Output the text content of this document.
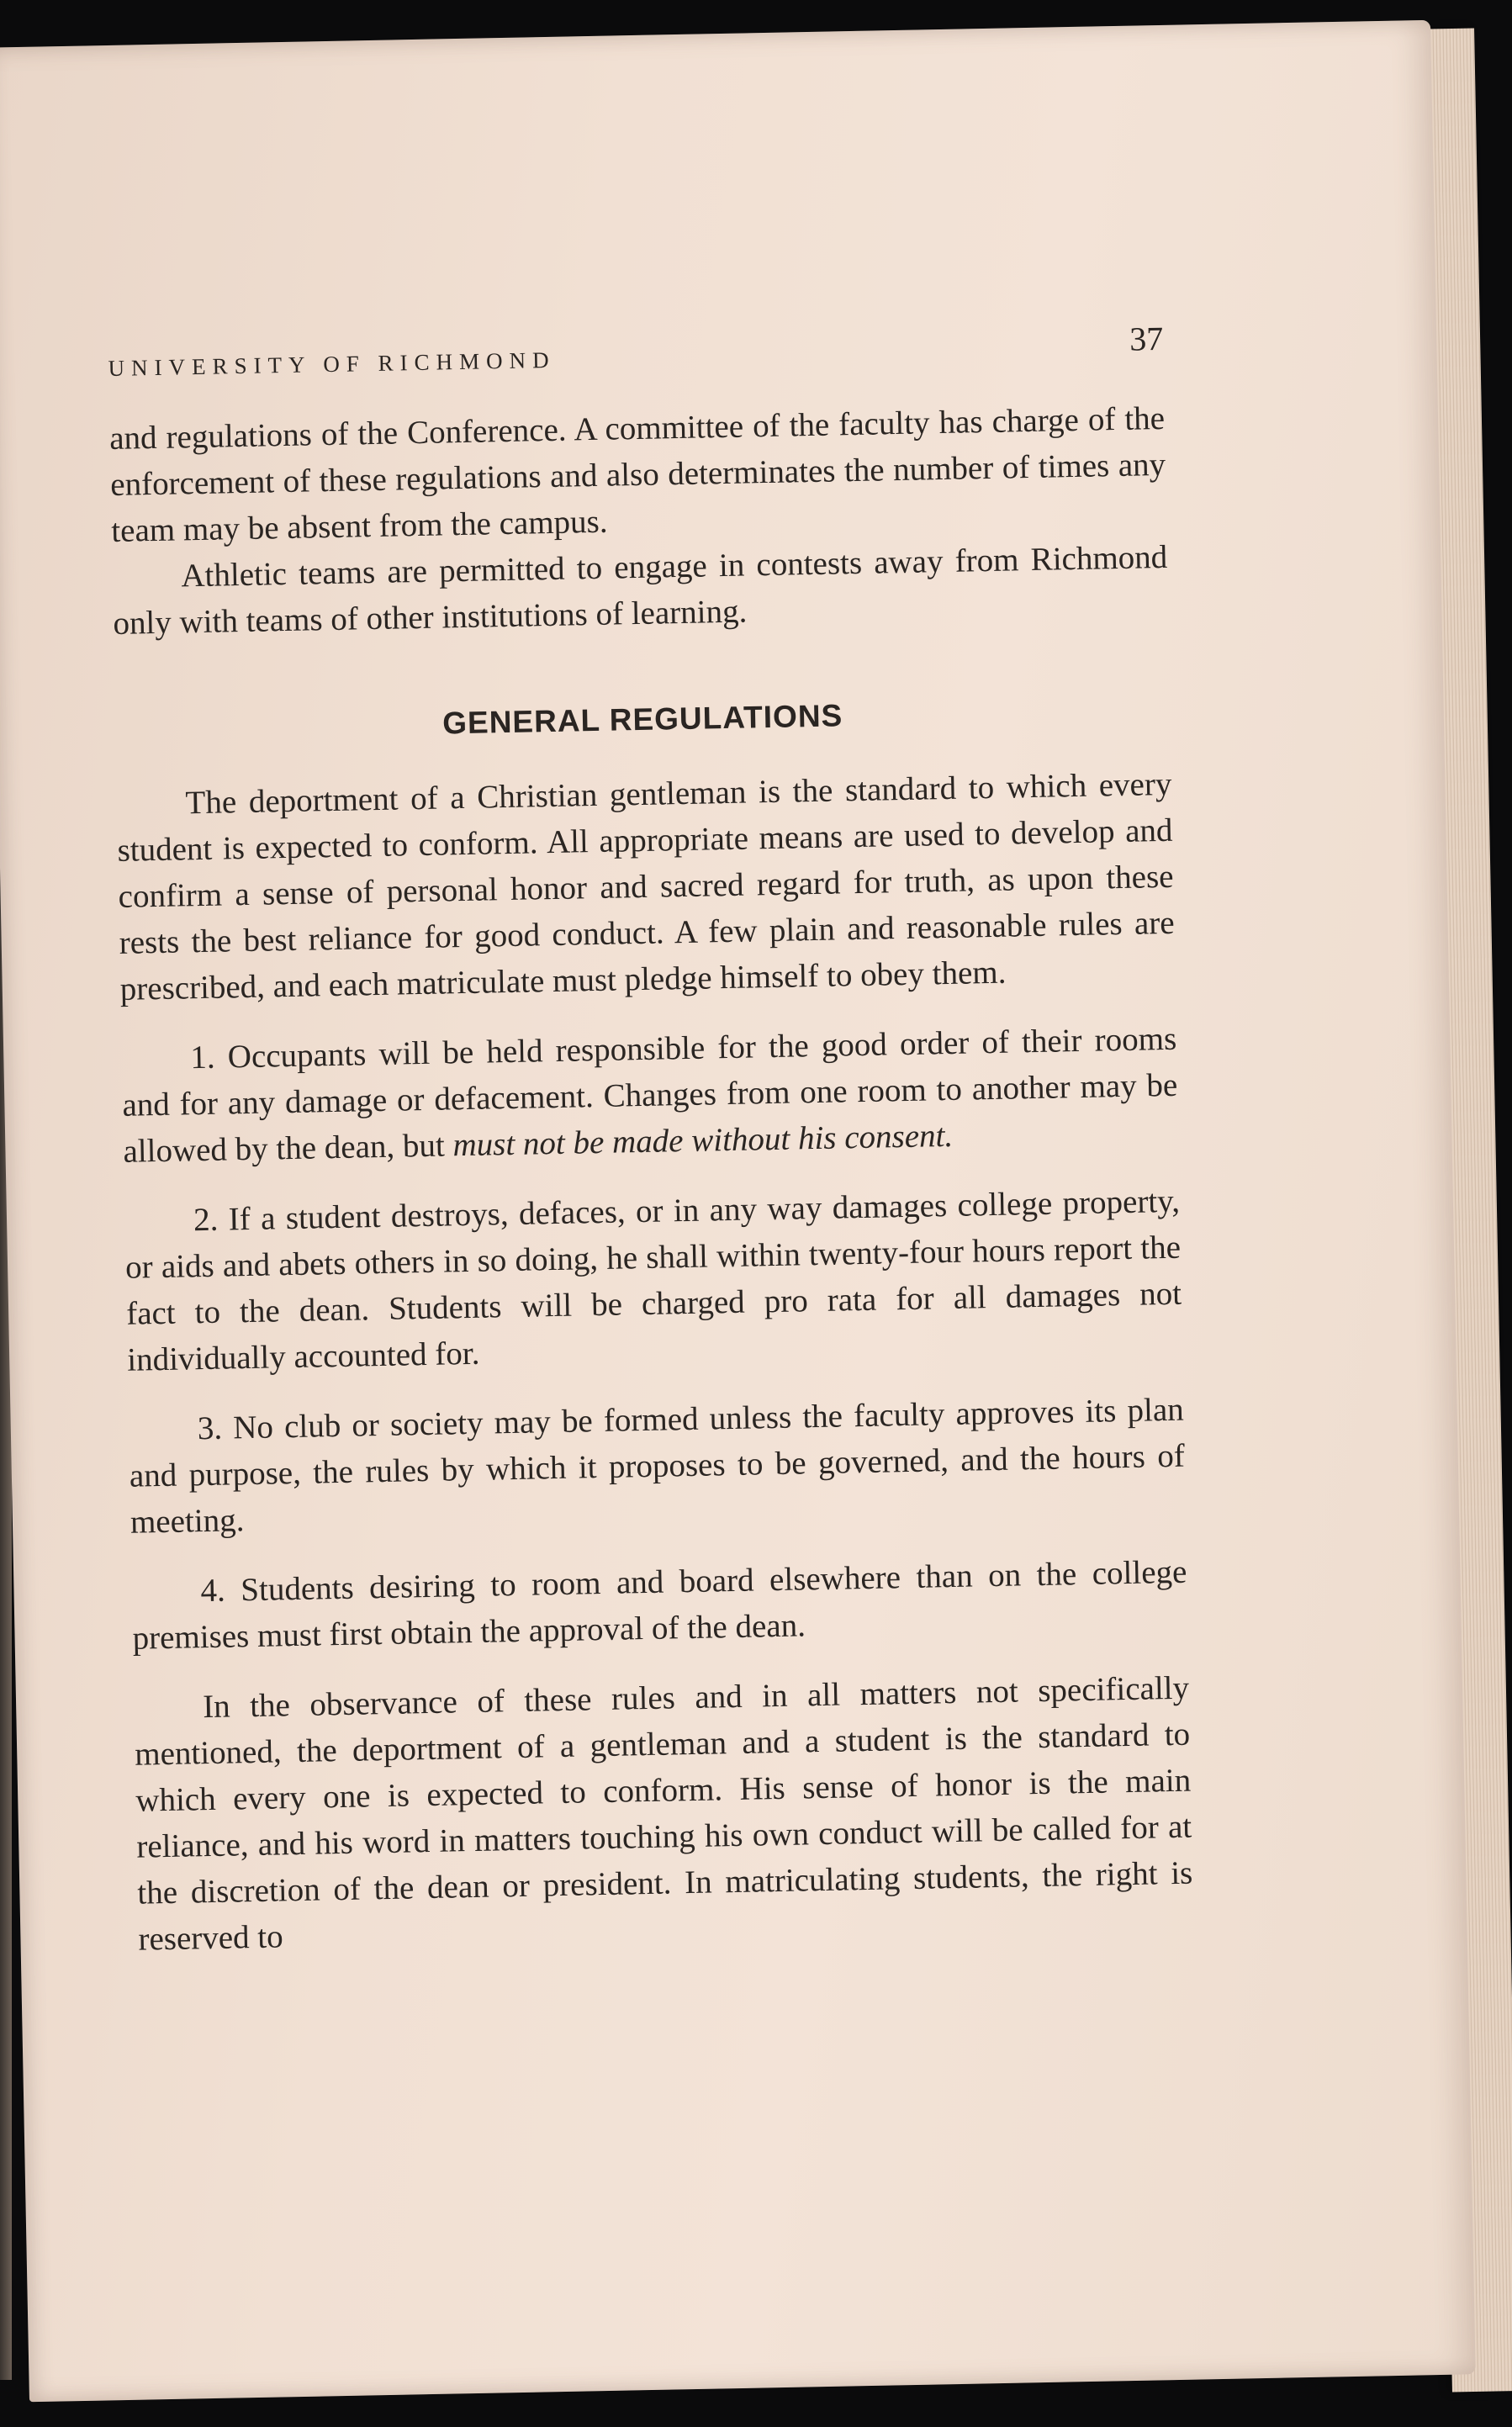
UNIVERSITY OF RICHMOND
37

and regulations of the Conference. A committee of the faculty has charge of the enforcement of these regulations and also determinates the number of times any team may be absent from the campus.

Athletic teams are permitted to engage in contests away from Richmond only with teams of other institutions of learning.

GENERAL REGULATIONS

The deportment of a Christian gentleman is the standard to which every student is expected to conform. All appropriate means are used to develop and confirm a sense of personal honor and sacred regard for truth, as upon these rests the best reliance for good conduct. A few plain and reasonable rules are prescribed, and each matriculate must pledge himself to obey them.

1. Occupants will be held responsible for the good order of their rooms and for any damage or defacement. Changes from one room to another may be allowed by the dean, but must not be made without his consent.

2. If a student destroys, defaces, or in any way damages college property, or aids and abets others in so doing, he shall within twenty-four hours report the fact to the dean. Students will be charged pro rata for all damages not individually accounted for.

3. No club or society may be formed unless the faculty approves its plan and purpose, the rules by which it proposes to be governed, and the hours of meeting.

4. Students desiring to room and board elsewhere than on the college premises must first obtain the approval of the dean.

In the observance of these rules and in all matters not specifically mentioned, the deportment of a gentleman and a student is the standard to which every one is expected to conform. His sense of honor is the main reliance, and his word in matters touching his own conduct will be called for at the discretion of the dean or president. In matriculating students, the right is reserved to
